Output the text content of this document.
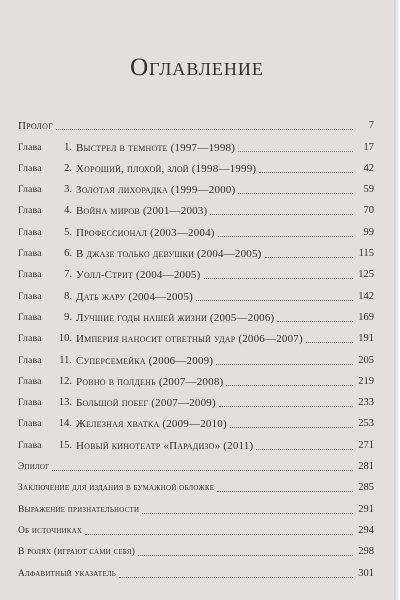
Оглавление
Пролог	7
Глава	1. Выстрел в темноте (1997—1998)	17
Глава	2. Хороший, плохой, злой (1998—1999)	42
Глава	3. Золотая лихорадка (1999—2000)	59
Глава	4. Война миров (2001—2003)	70
Глава	5. Профессионал (2003—2004)	99
Глава	6. В джазе только девушки (2004—2005)	115
Глава	7. Уолл-Стрит (2004—2005)	125
Глава	8. Дать жару (2004—2005)	142
Глава	9. Лучшие годы нашей жизни (2005—2006)	169
Глава	10. Империя наносит ответный удар (2006—2007)	191
Глава	11. Суперсемейка (2006—2009)	205
Глава	12. Ровно в полдень (2007—2008)	219
Глава	13. Большой побег (2007—2009)	233
Глава	14. Железная хватка (2009—2010)	253
Глава	15. Новый кинотеатр «Парадизо» (2011)	271
Эпилог	281
Заключение для издания в бумажной обложке	285
Выражение признательности	291
Об источниках	294
В ролях (играют сами себя)	298
Алфавитный указатель	301
